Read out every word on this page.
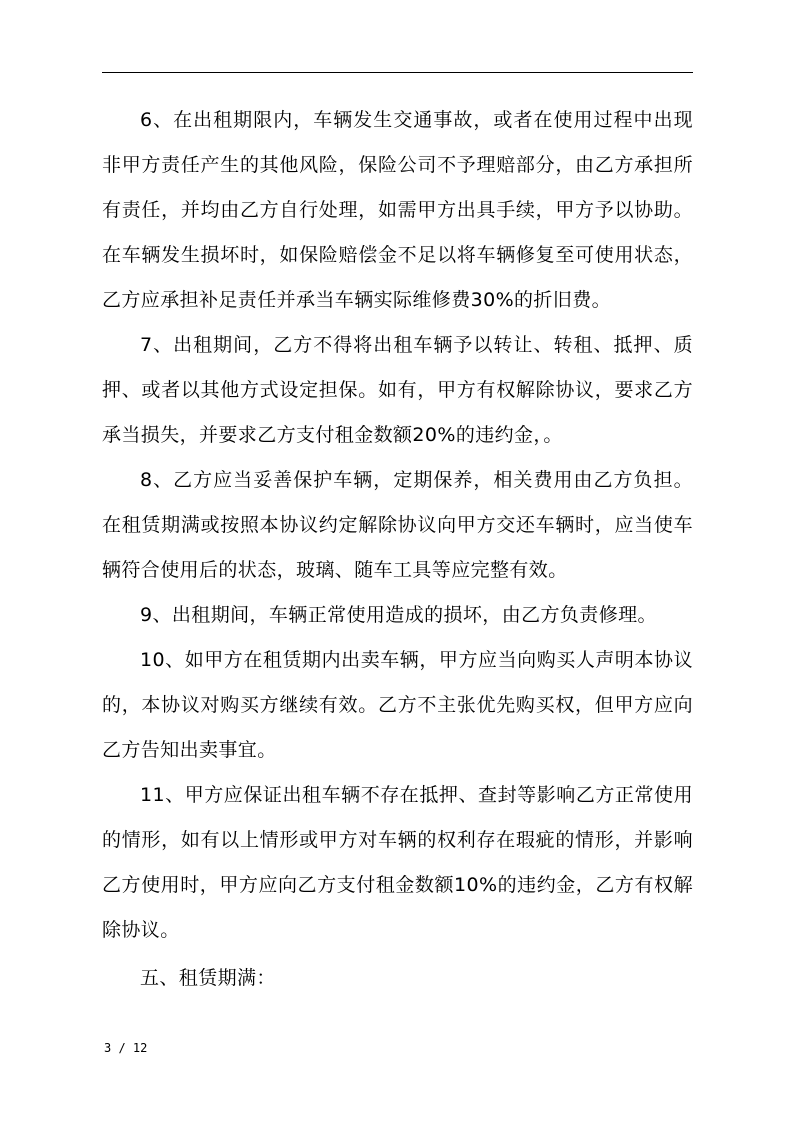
6、在出租期限内，车辆发生交通事故，或者在使用过程中出现非甲方责任产生的其他风险，保险公司不予理赔部分，由乙方承担所有责任，并均由乙方自行处理，如需甲方出具手续，甲方予以协助。在车辆发生损坏时，如保险赔偿金不足以将车辆修复至可使用状态，乙方应承担补足责任并承当车辆实际维修费30%的折旧费。

7、出租期间，乙方不得将出租车辆予以转让、转租、抵押、质押、或者以其他方式设定担保。如有，甲方有权解除协议，要求乙方承当损失，并要求乙方支付租金数额20%的违约金，。

8、乙方应当妥善保护车辆，定期保养，相关费用由乙方负担。在租赁期满或按照本协议约定解除协议向甲方交还车辆时，应当使车辆符合使用后的状态，玻璃、随车工具等应完整有效。

9、出租期间，车辆正常使用造成的损坏，由乙方负责修理。

10、如甲方在租赁期内出卖车辆，甲方应当向购买人声明本协议的，本协议对购买方继续有效。乙方不主张优先购买权，但甲方应向乙方告知出卖事宜。

11、甲方应保证出租车辆不存在抵押、查封等影响乙方正常使用的情形，如有以上情形或甲方对车辆的权利存在瑕疵的情形，并影响乙方使用时，甲方应向乙方支付租金数额10%的违约金，乙方有权解除协议。

五、租赁期满：

3 / 12
